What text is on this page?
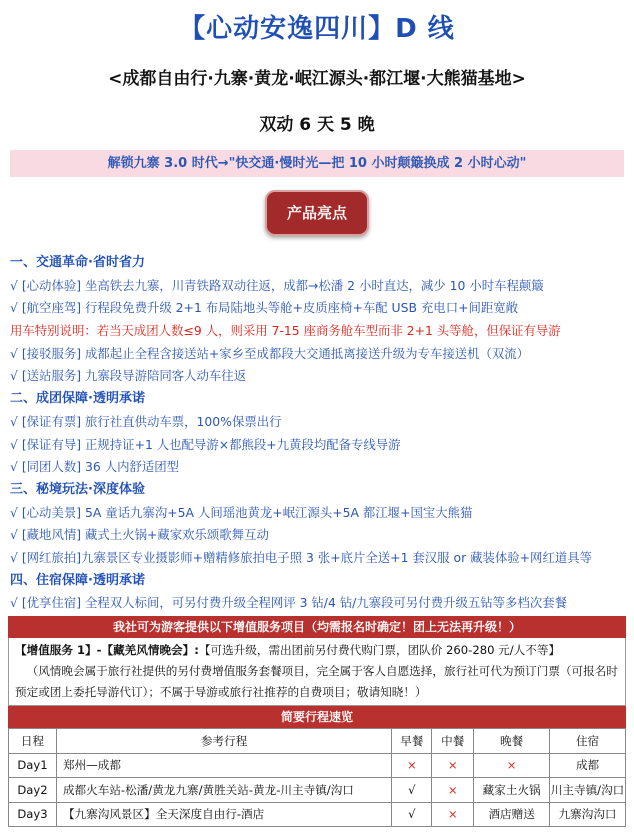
【心动安逸四川】D 线
<成都自由行·九寨·黄龙·岷江源头·都江堰·大熊猫基地>
双动 6 天 5 晚
解锁九寨 3.0 时代→"快交通·慢时光—把 10 小时颠簸换成 2 小时心动"
产品亮点
一、交通革命·省时省力
√ [心动体验] 坐高铁去九寨，川青铁路双动往返，成都→松潘 2 小时直达，减少 10 小时车程颠簸
√ [航空座驾] 行程段免费升级 2+1 布局陆地头等舱+皮质座椅+车配 USB 充电口+间距宽敞
用车特别说明：若当天成团人数≤9 人，则采用 7-15 座商务舱车型而非 2+1 头等舱，但保证有导游
√ [接驳服务] 成都起止全程含接送站+家乡至成都段大交通抵离接送升级为专车接送机（双流）
√ [送站服务] 九寨段导游陪同客人动车往返
二、成团保障·透明承诺
√ [保证有票] 旅行社直供动车票，100%保票出行
√ [保证有导] 正规持证+1 人也配导游×都熊段+九黄段均配备专线导游
√ [同团人数] 36 人内舒适团型
三、秘境玩法·深度体验
√ [心动美景] 5A 童话九寨沟+5A 人间瑶池黄龙+岷江源头+5A 都江堰+国宝大熊猫
√ [藏地风情] 藏式土火锅+藏家欢乐颂歌舞互动
√ [网红旅拍]九寨景区专业摄影师+赠精修旅拍电子照 3 张+底片全送+1 套汉服 or 藏装体验+网红道具等
四、住宿保障·透明承诺
√ [优享住宿] 全程双人标间，可另付费升级全程网评 3 钻/4 钻/九寨段可另付费升级五钻等多档次套餐
我社可为游客提供以下增值服务项目（均需报名时确定！团上无法再升级！）
【增值服务 1】-【藏羌风情晚会】:【可选升级，需出团前另付费代购门票，团队价 260-280 元/人不等】
（风情晚会属于旅行社提供的另付费增值服务套餐项目，完全属于客人自愿选择，旅行社可代为预订门票（可报名时预定或团上委托导游代订）；不属于导游或旅行社推荐的自费项目；敬请知晓！）
简要行程速览
日程	参考行程	早餐	中餐	晚餐	住宿
Day1	郑州—成都	×	×	×	成都
Day2	成都火车站-松潘/黄龙九寨/黄胜关站-黄龙-川主寺镇/沟口	√	×	藏家土火锅	川主寺镇/沟口
Day3	【九寨沟风景区】全天深度自由行-酒店	√	×	酒店赠送	九寨沟沟口
